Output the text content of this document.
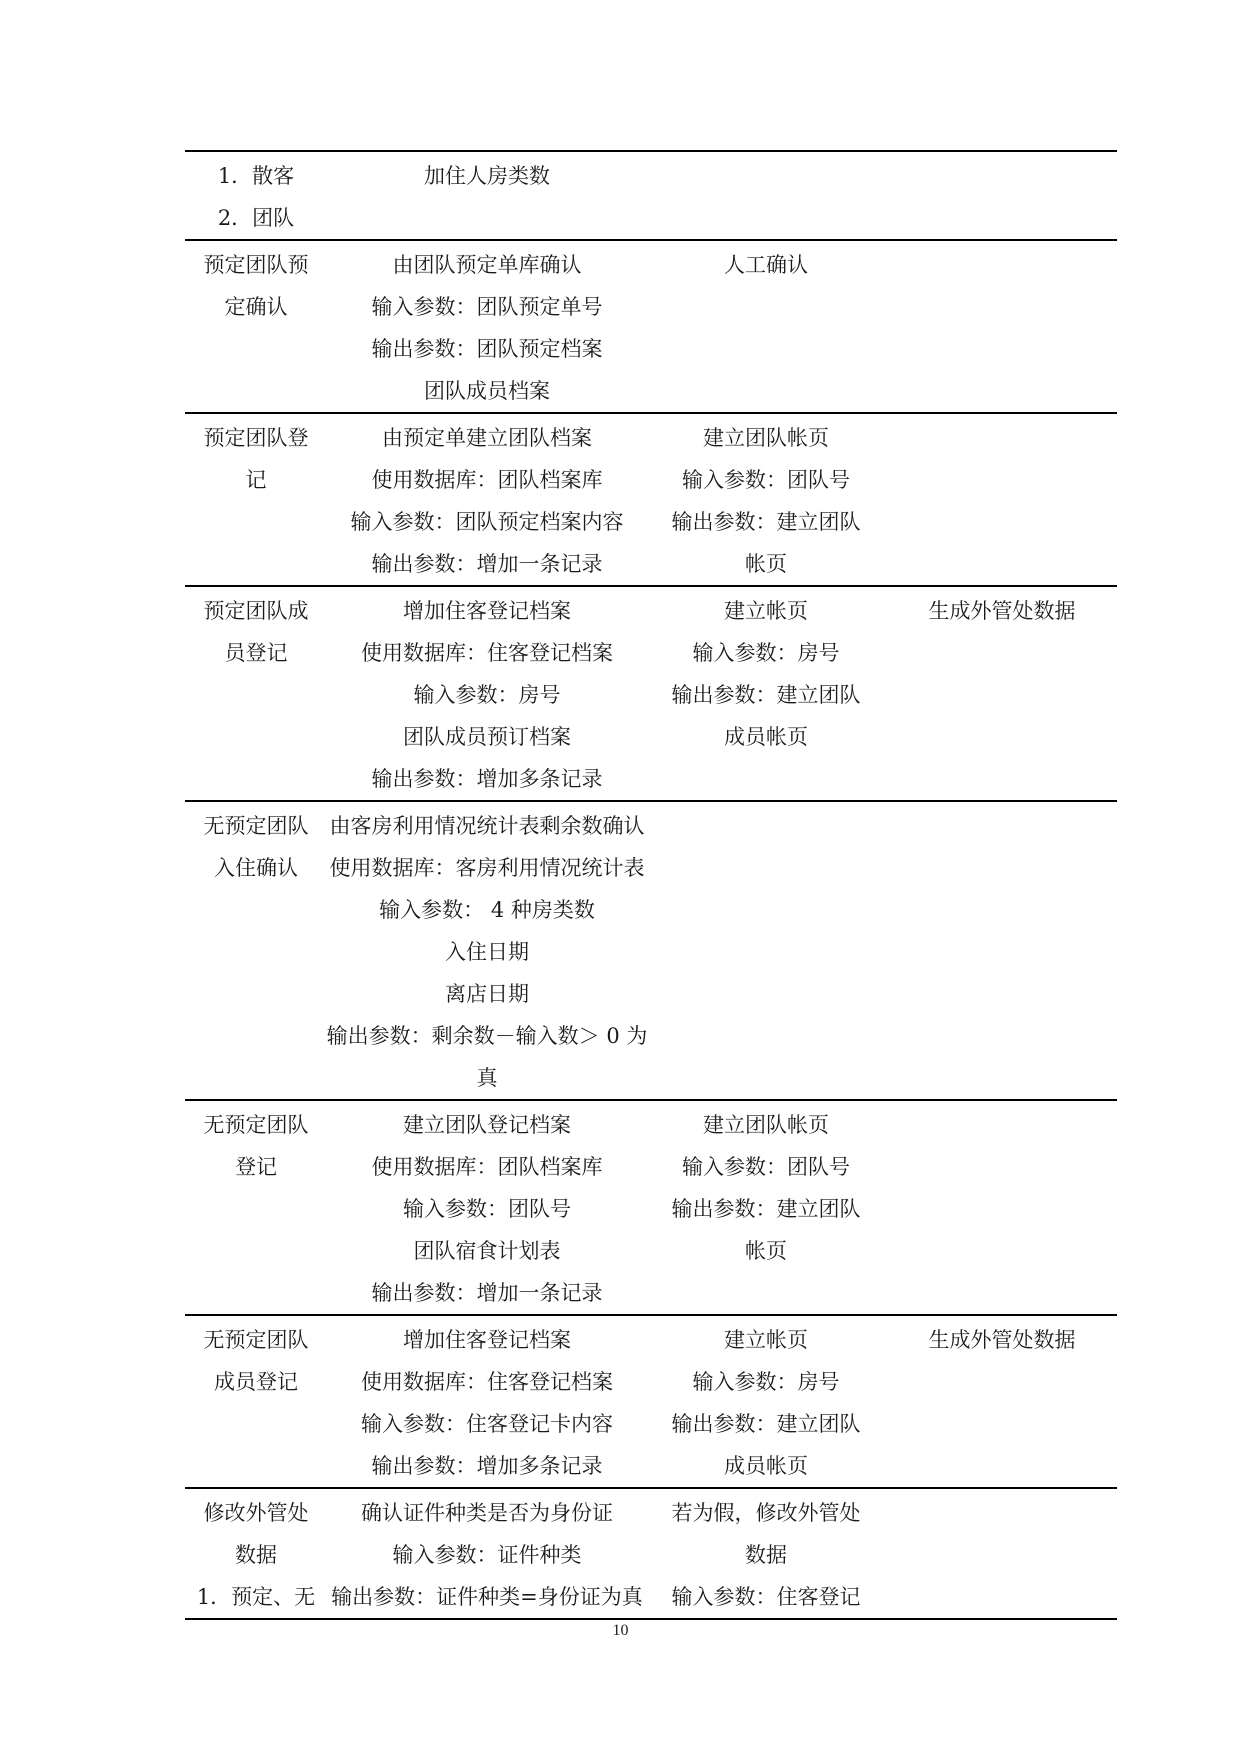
1．散客
2．团队
加住人房类数
预定团队预
定确认
由团队预定单库确认
输入参数：团队预定单号
输出参数：团队预定档案
团队成员档案
人工确认
预定团队登
记
由预定单建立团队档案
使用数据库：团队档案库
输入参数：团队预定档案内容
输出参数：增加一条记录
建立团队帐页
输入参数：团队号
输出参数：建立团队
帐页
预定团队成
员登记
增加住客登记档案
使用数据库：住客登记档案
输入参数：房号
团队成员预订档案
输出参数：增加多条记录
建立帐页
输入参数：房号
输出参数：建立团队
成员帐页
生成外管处数据
无预定团队
入住确认
由客房利用情况统计表剩余数确认
使用数据库：客房利用情况统计表
输入参数： 4 种房类数
入住日期
离店日期
输出参数：剩余数－输入数＞ 0 为
真
无预定团队
登记
建立团队登记档案
使用数据库：团队档案库
输入参数：团队号
团队宿食计划表
输出参数：增加一条记录
建立团队帐页
输入参数：团队号
输出参数：建立团队
帐页
无预定团队
成员登记
增加住客登记档案
使用数据库：住客登记档案
输入参数：住客登记卡内容
输出参数：增加多条记录
建立帐页
输入参数：房号
输出参数：建立团队
成员帐页
生成外管处数据
修改外管处
数据
1．预定、无
确认证件种类是否为身份证
输入参数：证件种类
输出参数：证件种类=身份证为真
若为假，修改外管处
数据
输入参数：住客登记
10
